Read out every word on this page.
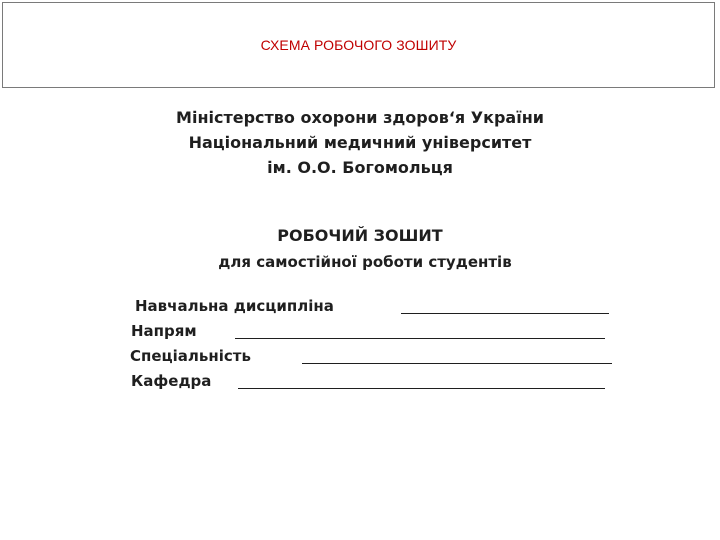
СХЕМА РОБОЧОГО ЗОШИТУ
Міністерство охорони здоров‘я України
Національний медичний університет
ім. О.О. Богомольця
РОБОЧИЙ ЗОШИТ
для самостійної роботи студентів
Навчальна дисципліна
Напрям
Спеціальність
Кафедра
